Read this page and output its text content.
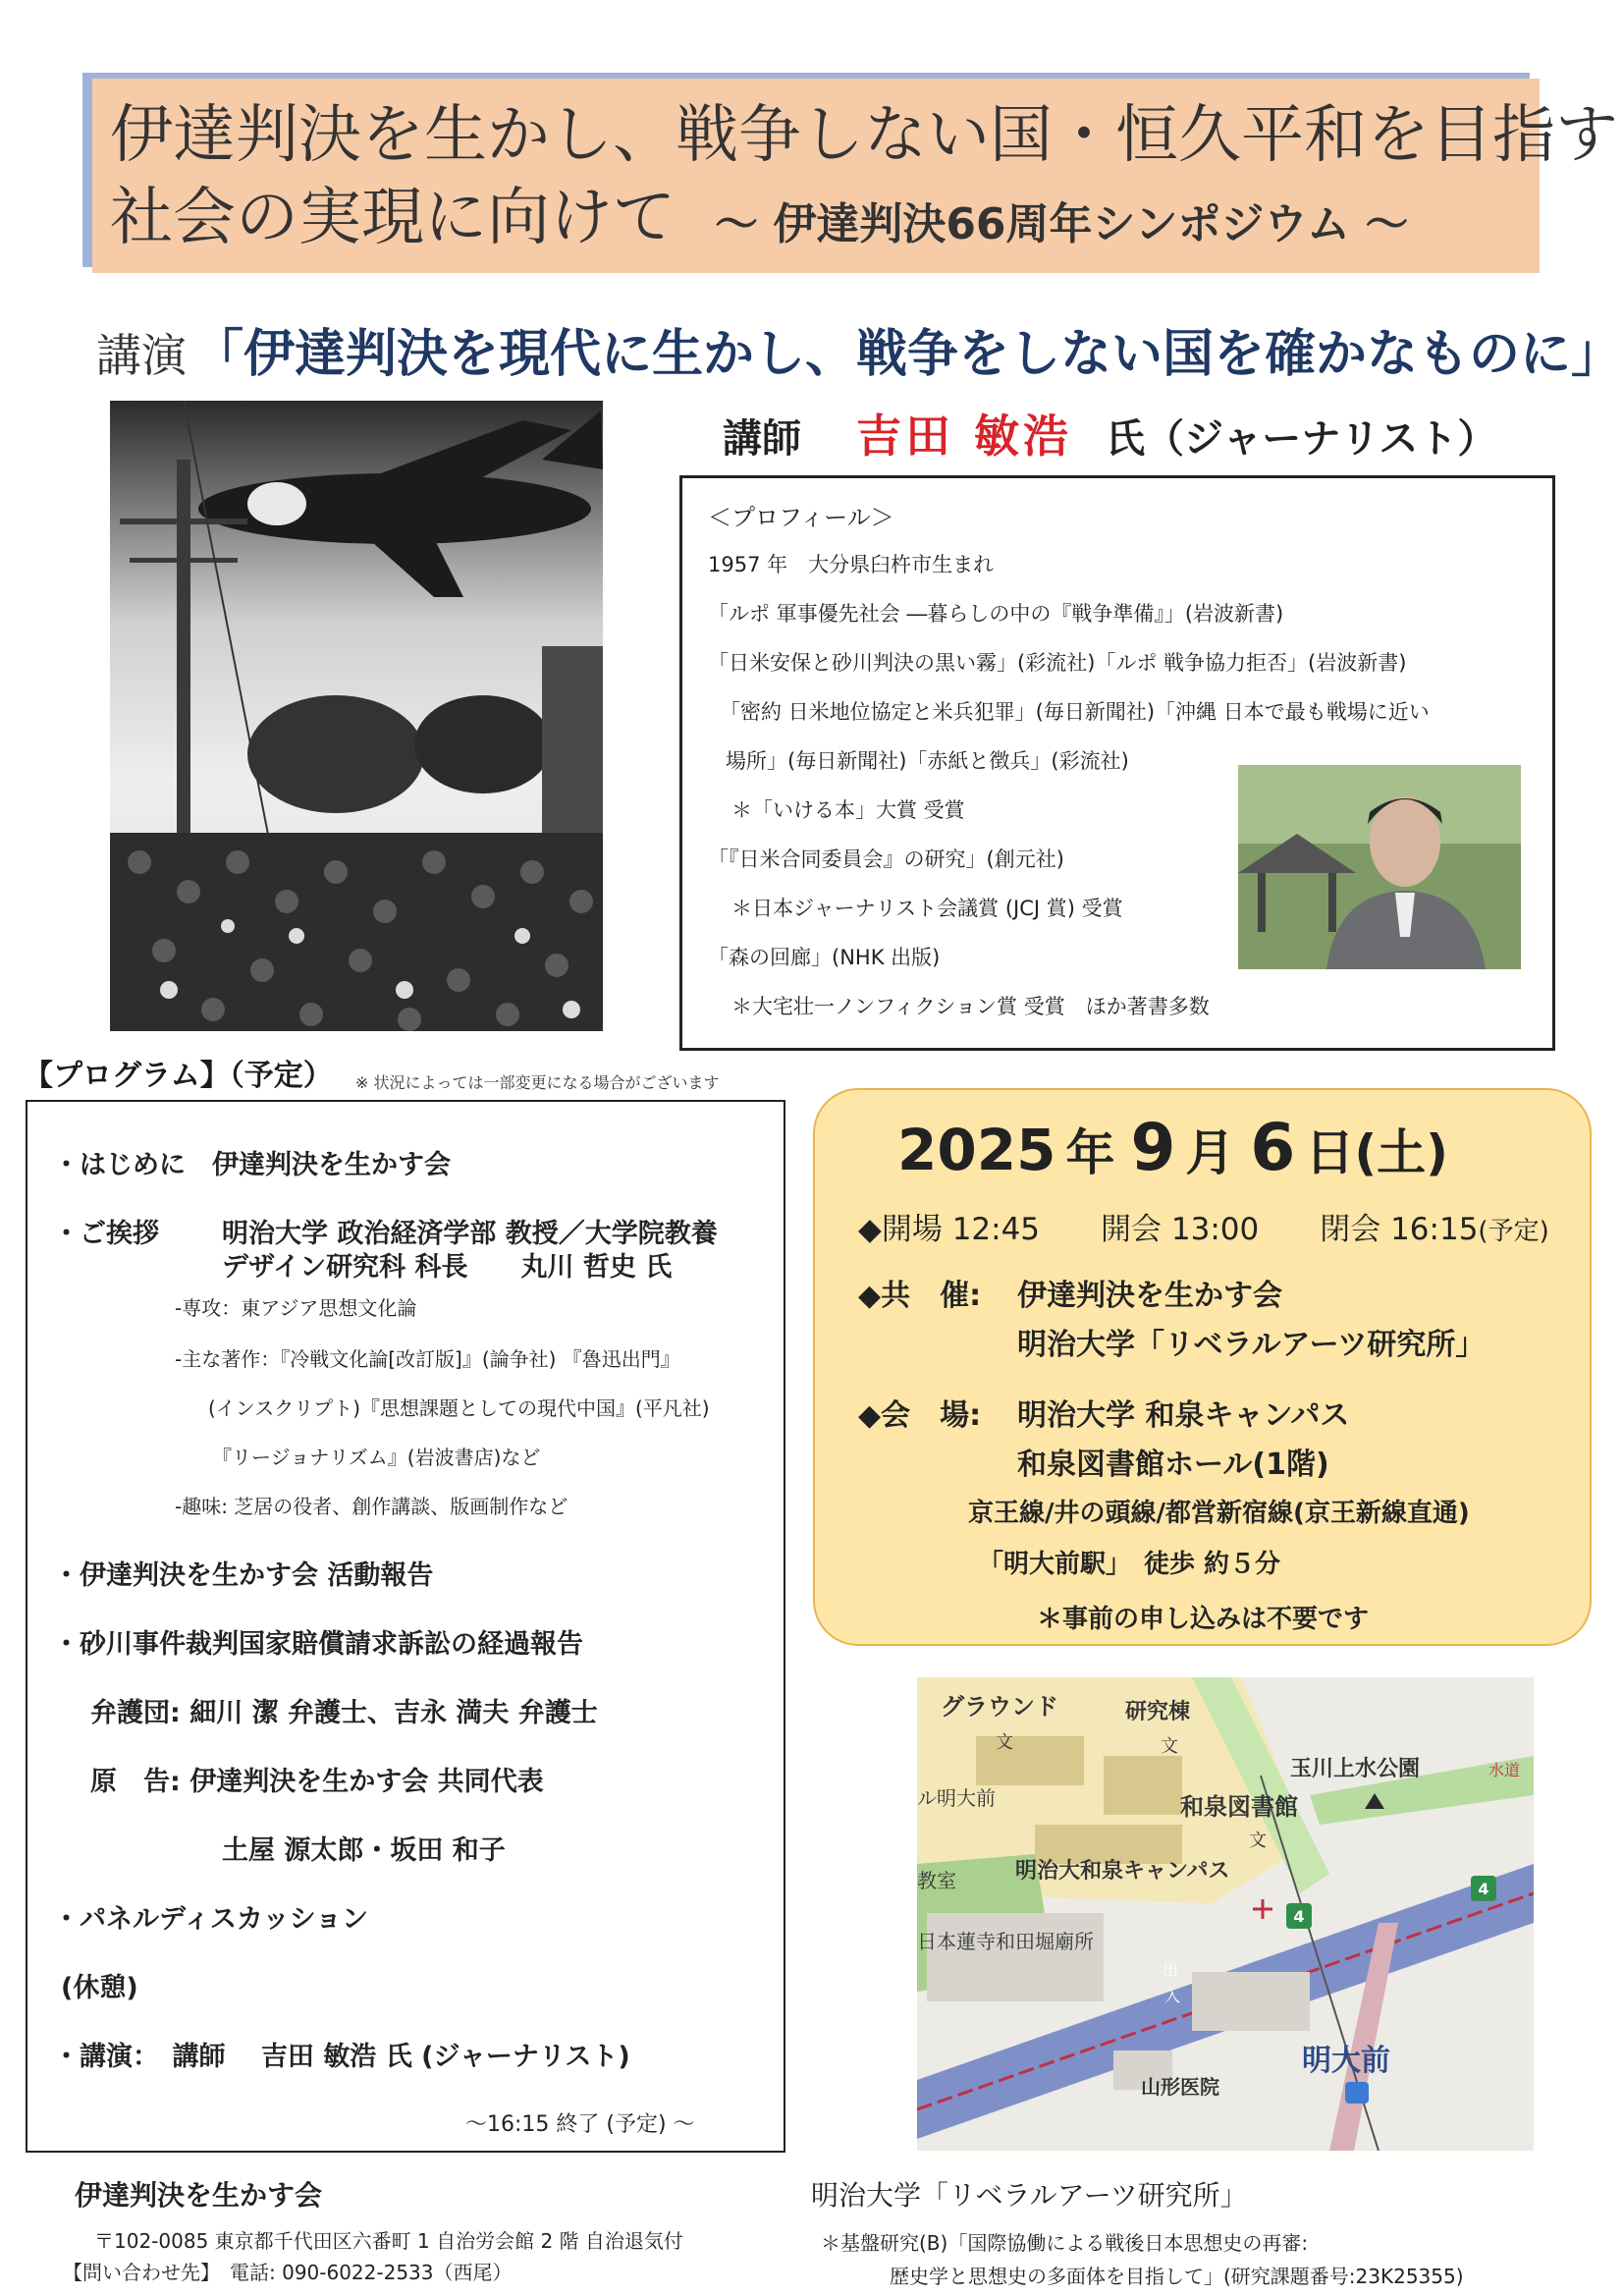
伊達判決を生かし、戦争しない国・恒久平和を目指す
社会の実現に向けて ～ 伊達判決66周年シンポジウム ～
講演 「伊達判決を現代に生かし、戦争をしない国を確かなものに」
講師 吉田 敏浩 氏（ジャーナリスト）
＜プロフィール＞
1957 年　大分県臼杵市生まれ
「ルポ 軍事優先社会 ―暮らしの中の『戦争準備』」(岩波新書)
「日米安保と砂川判決の黒い霧」(彩流社)「ルポ 戦争協力拒否」(岩波新書)
「密約 日米地位協定と米兵犯罪」(毎日新聞社)「沖縄 日本で最も戦場に近い
場所」(毎日新聞社)「赤紙と徴兵」(彩流社)
＊「いける本」大賞 受賞
「『日米合同委員会』の研究」(創元社)
＊日本ジャーナリスト会議賞 (JCJ 賞) 受賞
「森の回廊」(NHK 出版)
＊大宅壮一ノンフィクション賞 受賞　ほか著書多数
【プログラム】（予定） ※ 状況によっては一部変更になる場合がございます
・はじめに　伊達判決を生かす会
・ご挨拶 明治大学 政治経済学部 教授／大学院教養
デザイン研究科 科長　　丸川 哲史 氏
-専攻：東アジア思想文化論
-主な著作：『冷戦文化論[改訂版]』(論争社) 『魯迅出門』
(インスクリプト)『思想課題としての現代中国』(平凡社)
『リージョナリズム』(岩波書店)など
-趣味: 芝居の役者、創作講談、版画制作など
・伊達判決を生かす会 活動報告
・砂川事件裁判国家賠償請求訴訟の経過報告
弁護団: 細川 潔 弁護士、吉永 満夫 弁護士
原　告: 伊達判決を生かす会 共同代表
土屋 源太郎・坂田 和子
・パネルディスカッション
(休憩)
・講演：　講師　 吉田 敏浩 氏 (ジャーナリスト)
～16:15 終了 (予定) ～
2025 年 9 月 6 日(土)
◆開場 12:45　　開会 13:00　　閉会 16:15(予定)
◆共　催: 伊達判決を生かす会
明治大学「リベラルアーツ研究所」
◆会　場: 明治大学 和泉キャンパス
和泉図書館ホール(1階)
京王線/井の頭線/都営新宿線(京王新線直通)
「明大前駅」　徒歩 約５分
＊事前の申し込みは不要です
4
4
グラウンド
文
研究棟
文
玉川上水公園	水道
和泉図書館
文
ル明大前
明治大和泉キャンパス
教室
日本蓮寺和田堀廟所
出
入
山形医院
明大前
伊達判決を生かす会
〒102-0085 東京都千代田区六番町 1 自治労会館 2 階 自治退気付
【問い合わせ先】　電話: 090-6022-2533（西尾）
明治大学「リベラルアーツ研究所」
＊基盤研究(B)「国際協働による戦後日本思想史の再審:
歴史学と思想史の多面体を目指して」(研究課題番号:23K25355)
